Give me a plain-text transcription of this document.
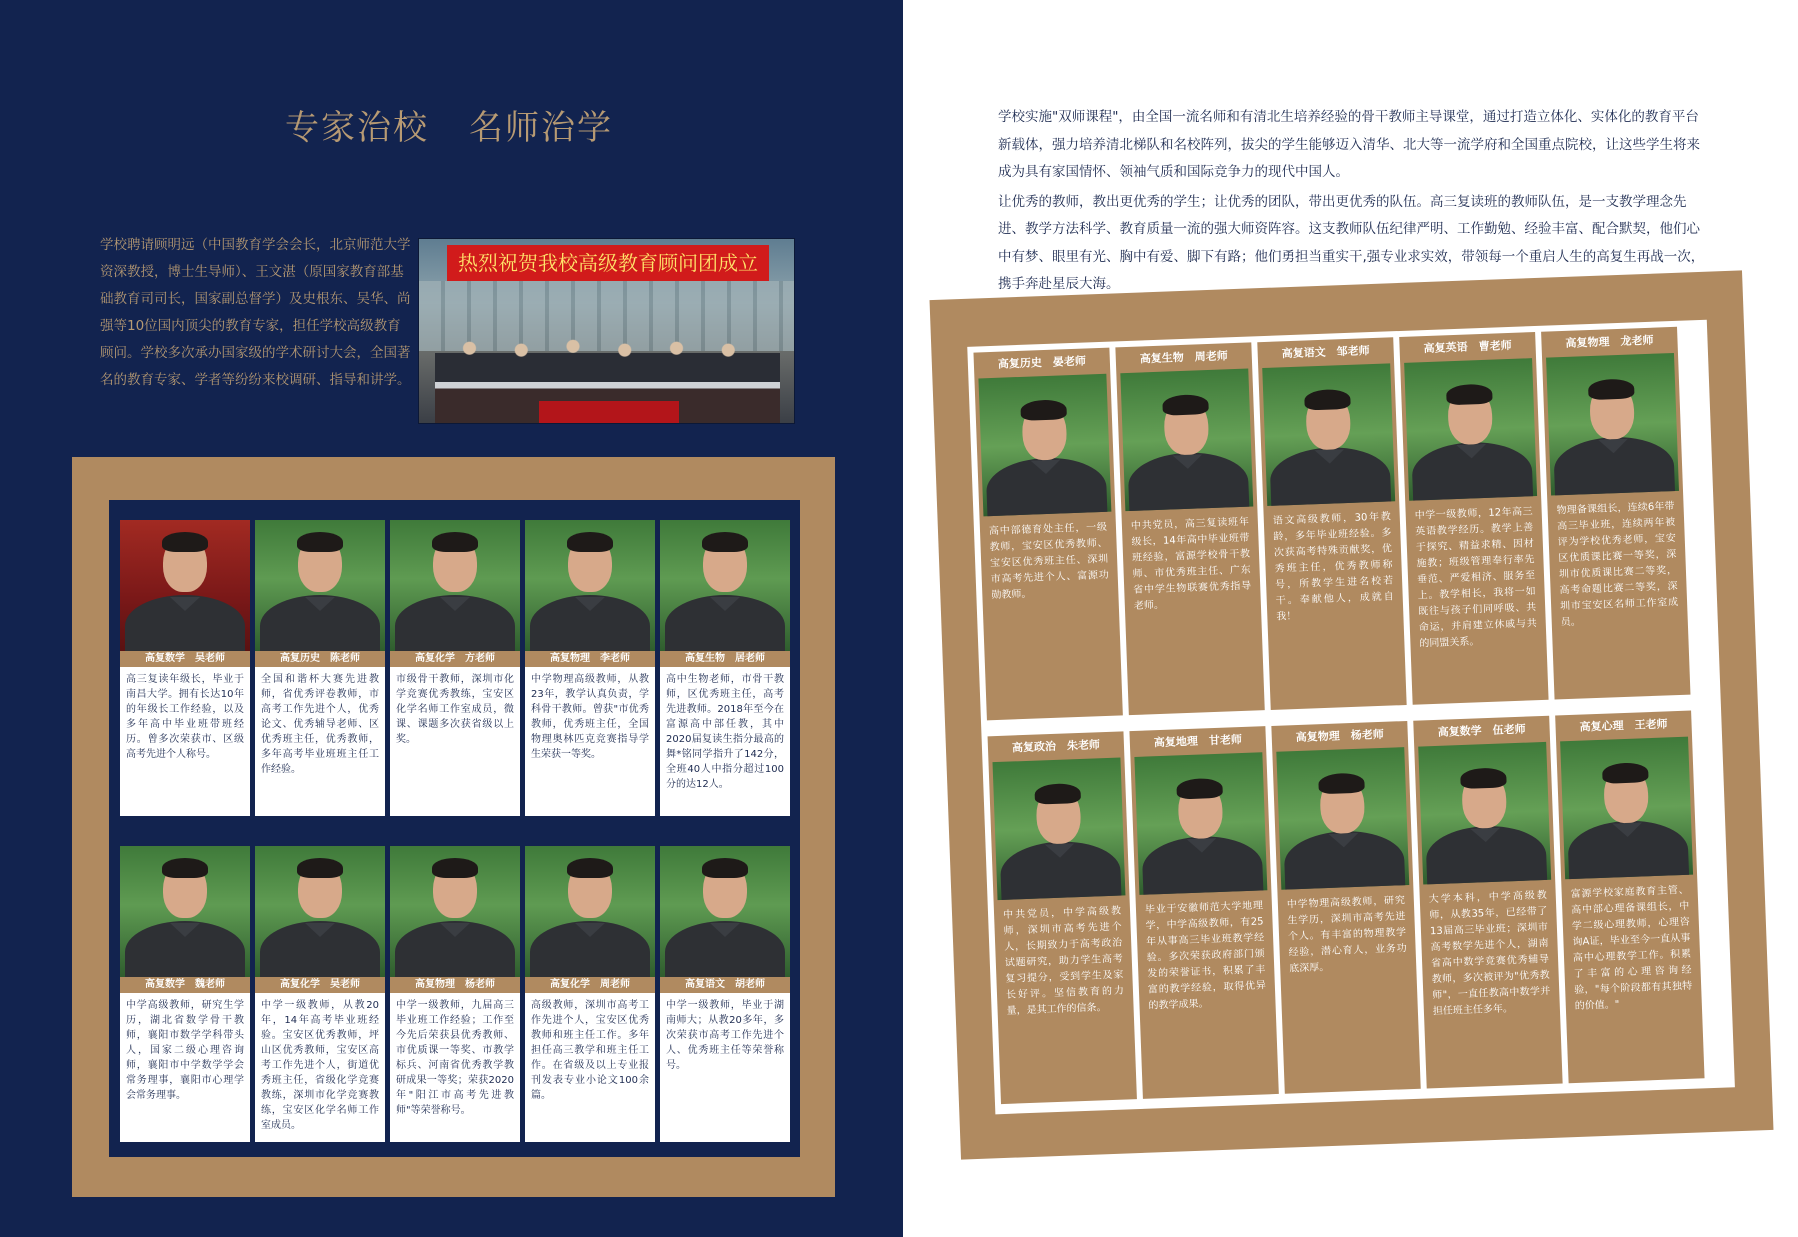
专家治校 名师治学
学校聘请顾明远（中国教育学会会长，北京师范大学资深教授，博士生导师）、王文湛（原国家教育部基础教育司司长，国家副总督学）及史根东、吴华、尚强等10位国内顶尖的教育专家，担任学校高级教育顾问。学校多次承办国家级的学术研讨大会，全国著名的教育专家、学者等纷纷来校调研、指导和讲学。
热烈祝贺我校高级教育顾问团成立
高复数学　吴老师
高三复读年级长，毕业于南昌大学。拥有长达10年的年级长工作经验，以及多年高中毕业班带班经历。曾多次荣获市、区级高考先进个人称号。
高复历史　陈老师
全国和谐杯大赛先进教师，省优秀评卷教师，市高考工作先进个人，优秀论文、优秀辅导老师、区优秀班主任，优秀教师，多年高考毕业班班主任工作经验。
高复化学　方老师
市级骨干教师，深圳市化学竞赛优秀教练，宝安区化学名师工作室成员，微课、课题多次获省级以上奖。
高复物理　李老师
中学物理高级教师，从教23年，教学认真负责，学科骨干教师。曾获"市优秀教师，优秀班主任，全国物理奥林匹克竞赛指导学生荣获一等奖。
高复生物　居老师
高中生物老师，市骨干教师，区优秀班主任，高考先进教师。2018年至今在富源高中部任教，其中2020届复读生指分最高的舞*铭同学指升了142分，全班40人中指分超过100分的达12人。
高复数学　魏老师
中学高级教师，研究生学历，湖北省数学骨干教师，襄阳市数学学科带头人，国家二级心理咨询师，襄阳市中学数学学会常务理事，襄阳市心理学会常务理事。
高复化学　吴老师
中学一级教师，从教20年，14年高考毕业班经验。宝安区优秀教师，坪山区优秀教师，宝安区高考工作先进个人，街道优秀班主任，省级化学竞赛教练，深圳市化学竞赛教练，宝安区化学名师工作室成员。
高复物理　杨老师
中学一级教师，九届高三毕业班工作经验；工作至今先后荣获县优秀教师、市优质课一等奖、市教学标兵、河南省优秀教学教研成果一等奖；荣获2020年"阳江市高考先进教师"等荣誉称号。
高复化学　周老师
高级教师，深圳市高考工作先进个人，宝安区优秀教师和班主任工作。多年担任高三教学和班主任工作。在省级及以上专业报刊发表专业小论文100余篇。
高复语文　胡老师
中学一级教师，毕业于湖南师大；从教20多年，多次荣获市高考工作先进个人、优秀班主任等荣誉称号。

学校实施"双师课程"，由全国一流名师和有清北生培养经验的骨干教师主导课堂，通过打造立体化、实体化的教育平台新载体，强力培养清北梯队和名校阵列，拔尖的学生能够迈入清华、北大等一流学府和全国重点院校，让这些学生将来成为具有家国情怀、领袖气质和国际竞争力的现代中国人。

让优秀的教师，教出更优秀的学生；让优秀的团队，带出更优秀的队伍。高三复读班的教师队伍，是一支教学理念先进、教学方法科学、教育质量一流的强大师资阵容。这支教师队伍纪律严明、工作勤勉、经验丰富、配合默契，他们心中有梦、眼里有光、胸中有爱、脚下有路；他们勇担当重实干,强专业求实效，带领每一个重启人生的高复生再战一次，携手奔赴星辰大海。

高复历史　晏老师
高中部德育处主任，一级教师，宝安区优秀教师、宝安区优秀班主任、深圳市高考先进个人、富源功勋教师。
高复生物　周老师
中共党员，高三复读班年级长，14年高中毕业班带班经验，富源学校骨干教师、市优秀班主任、广东省中学生物联赛优秀指导老师。
高复语文　邹老师
语文高级教师，30年教龄，多年毕业班经验。多次获高考特殊贡献奖，优秀班主任，优秀教师称号，所教学生进名校若干。奉献他人，成就自我！
高复英语　曹老师
中学一级教师，12年高三英语教学经历。教学上善于探究、精益求精、因材施教；班级管理奉行率先垂范、严爱相济、服务至上。教学相长，我将一如既往与孩子们同呼吸、共命运，并肩建立休戚与共的同盟关系。
高复物理　龙老师
物理备课组长，连续6年带高三毕业班，连续两年被评为学校优秀老师，宝安区优质课比赛一等奖，深圳市优质课比赛二等奖，高考命题比赛二等奖，深圳市宝安区名师工作室成员。
高复政治　朱老师
中共党员，中学高级教师，深圳市高考先进个人，长期致力于高考政治试题研究，助力学生高考复习提分，受到学生及家长好评。坚信教育的力量，是其工作的信条。
高复地理　甘老师
毕业于安徽师范大学地理学，中学高级教师，有25年从事高三毕业班教学经验。多次荣获政府部门颁发的荣誉证书，积累了丰富的教学经验，取得优异的教学成果。
高复物理　杨老师
中学物理高级教师，研究生学历，深圳市高考先进个人。有丰富的物理教学经验，潜心育人，业务功底深厚。
高复数学　伍老师
大学本科，中学高级教师，从教35年，已经带了13届高三毕业班；深圳市高考数学先进个人，湖南省高中数学竞赛优秀辅导教师，多次被评为"优秀教师"，一直任教高中数学并担任班主任多年。
高复心理　王老师
富源学校家庭教育主管、高中部心理备课组长，中学二级心理教师，心理咨询A证，毕业至今一直从事高中心理教学工作。积累了丰富的心理咨询经验，"每个阶段都有其独特的价值。"
